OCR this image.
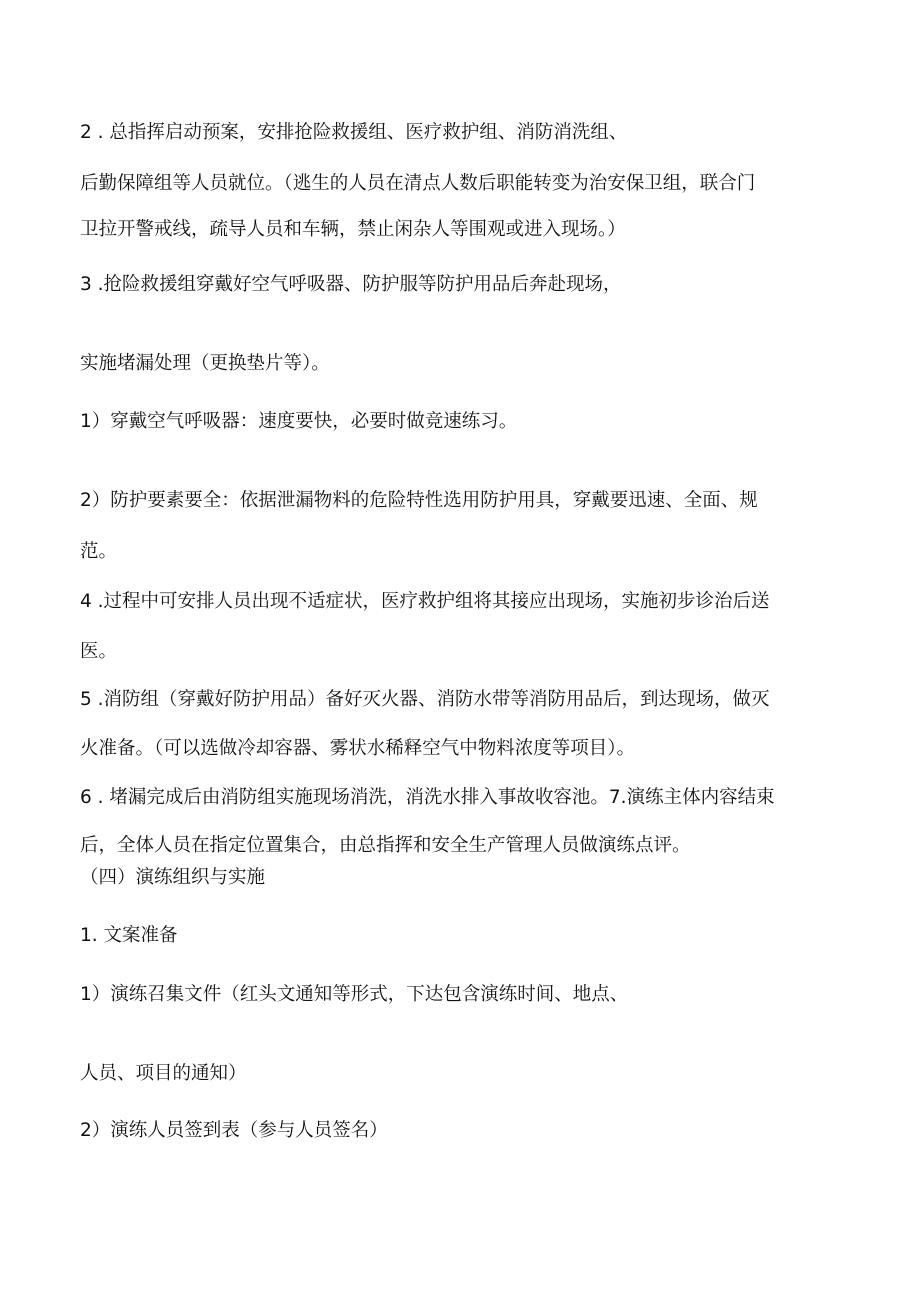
2 . 总指挥启动预案，安排抢险救援组、医疗救护组、消防消洗组、

后勤保障组等人员就位。（逃生的人员在清点人数后职能转变为治安保卫组，联合门

卫拉开警戒线，疏导人员和车辆，禁止闲杂人等围观或进入现场。）

3 .抢险救援组穿戴好空气呼吸器、防护服等防护用品后奔赴现场，

实施堵漏处理（更换垫片等）。

1）穿戴空气呼吸器：速度要快，必要时做竞速练习。

2）防护要素要全：依据泄漏物料的危险特性选用防护用具，穿戴要迅速、全面、规

范。

4 .过程中可安排人员出现不适症状，医疗救护组将其接应出现场，实施初步诊治后送

医。

5 .消防组（穿戴好防护用品）备好灭火器、消防水带等消防用品后，到达现场，做灭

火准备。（可以选做冷却容器、雾状水稀释空气中物料浓度等项目）。

6 . 堵漏完成后由消防组实施现场消洗，消洗水排入事故收容池。7.演练主体内容结束

后，全体人员在指定位置集合，由总指挥和安全生产管理人员做演练点评。

（四）演练组织与实施

1. 文案准备

1）演练召集文件（红头文通知等形式，下达包含演练时间、地点、

人员、项目的通知）

2）演练人员签到表（参与人员签名）
